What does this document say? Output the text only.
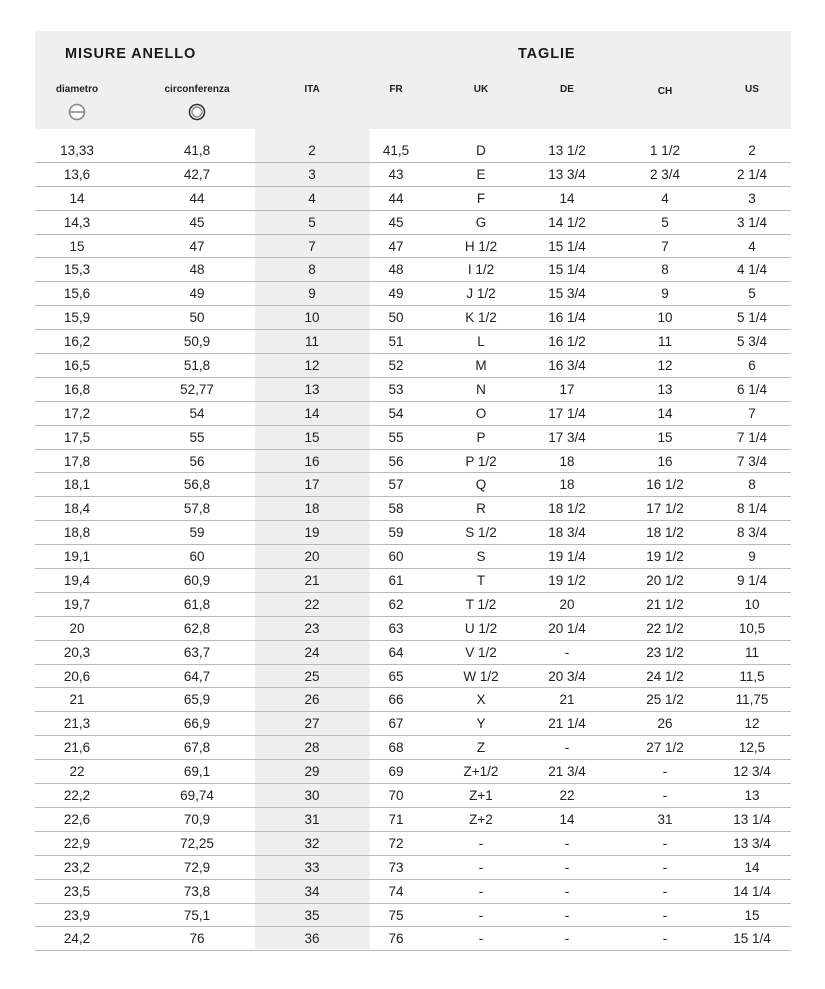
MISURE ANELLO	TAGLIE
diametro	circonferenza	ITA	FR	UK	DE	CH	US
13,33	41,8	2	41,5	D	13 1/2	1 1/2	2
13,6	42,7	3	43	E	13 3/4	2 3/4	2 1/4
14	44	4	44	F	14	4	3
14,3	45	5	45	G	14 1/2	5	3 1/4
15	47	7	47	H 1/2	15 1/4	7	4
15,3	48	8	48	I 1/2	15 1/4	8	4 1/4
15,6	49	9	49	J 1/2	15 3/4	9	5
15,9	50	10	50	K 1/2	16 1/4	10	5 1/4
16,2	50,9	11	51	L	16 1/2	11	5 3/4
16,5	51,8	12	52	M	16 3/4	12	6
16,8	52,77	13	53	N	17	13	6 1/4
17,2	54	14	54	O	17 1/4	14	7
17,5	55	15	55	P	17 3/4	15	7 1/4
17,8	56	16	56	P 1/2	18	16	7 3/4
18,1	56,8	17	57	Q	18	16 1/2	8
18,4	57,8	18	58	R	18 1/2	17 1/2	8 1/4
18,8	59	19	59	S 1/2	18 3/4	18 1/2	8 3/4
19,1	60	20	60	S	19 1/4	19 1/2	9
19,4	60,9	21	61	T	19 1/2	20 1/2	9 1/4
19,7	61,8	22	62	T 1/2	20	21 1/2	10
20	62,8	23	63	U 1/2	20 1/4	22 1/2	10,5
20,3	63,7	24	64	V 1/2	-	23 1/2	11
20,6	64,7	25	65	W 1/2	20 3/4	24 1/2	11,5
21	65,9	26	66	X	21	25 1/2	11,75
21,3	66,9	27	67	Y	21 1/4	26	12
21,6	67,8	28	68	Z	-	27 1/2	12,5
22	69,1	29	69	Z+1/2	21 3/4	-	12 3/4
22,2	69,74	30	70	Z+1	22	-	13
22,6	70,9	31	71	Z+2	14	31	13 1/4
22,9	72,25	32	72	-	-	-	13 3/4
23,2	72,9	33	73	-	-	-	14
23,5	73,8	34	74	-	-	-	14 1/4
23,9	75,1	35	75	-	-	-	15
24,2	76	36	76	-	-	-	15 1/4
